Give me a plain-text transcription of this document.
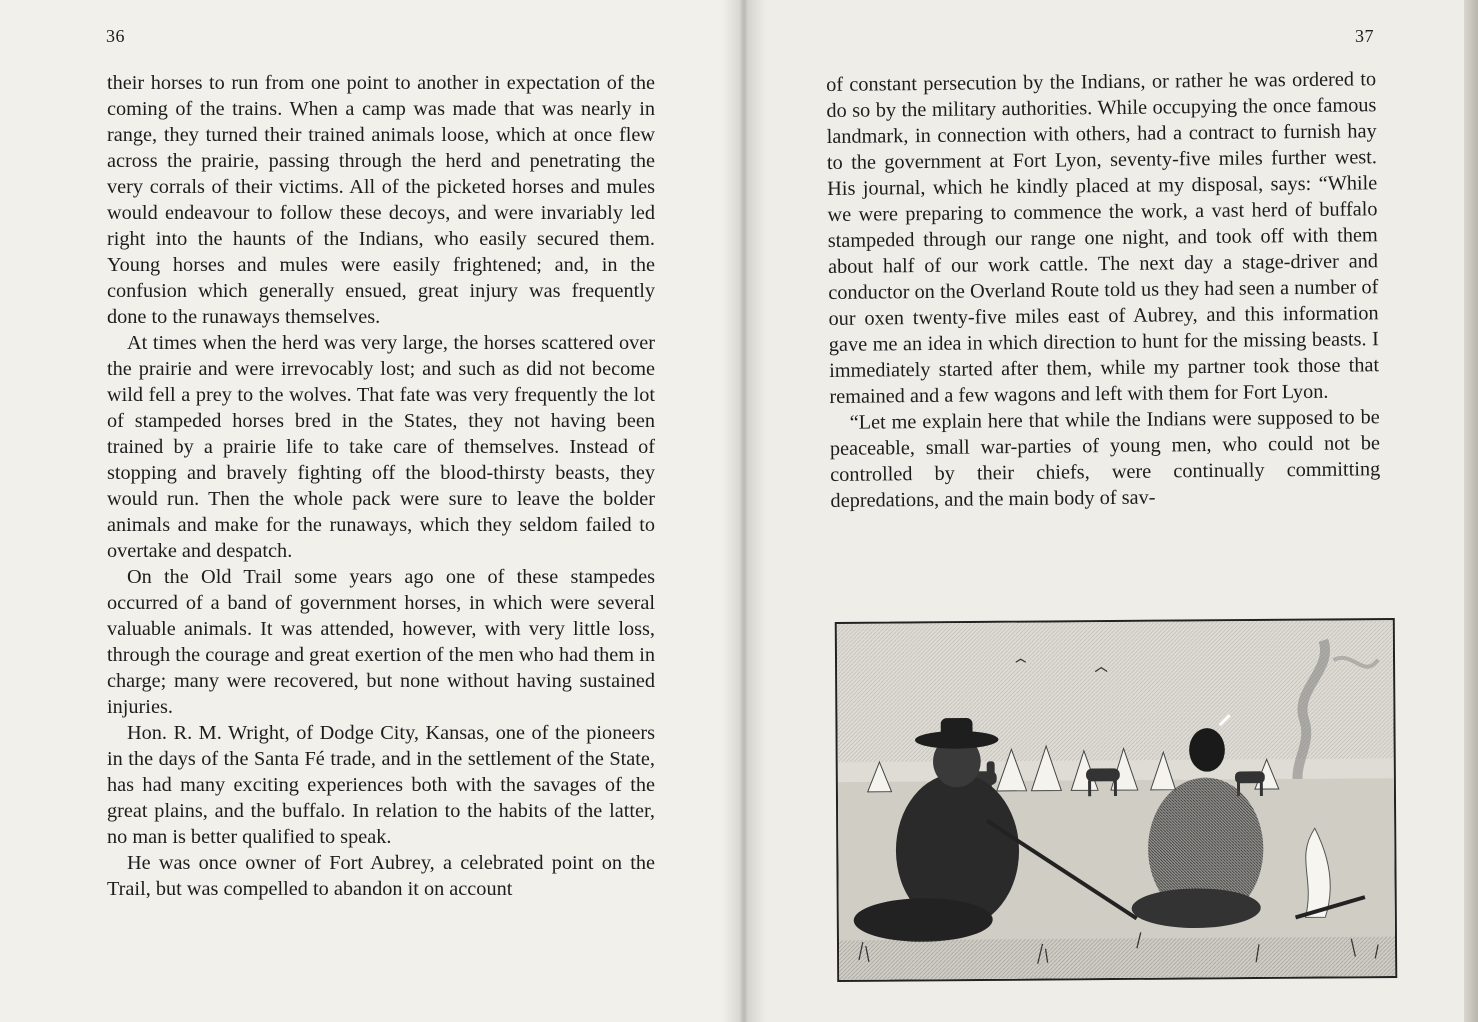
36

their horses to run from one point to another in expectation of the coming of the trains. When a camp was made that was nearly in range, they turned their trained animals loose, which at once flew across the prairie, passing through the herd and penetrating the very corrals of their victims. All of the picketed horses and mules would endeavour to follow these decoys, and were invariably led right into the haunts of the Indians, who easily secured them. Young horses and mules were easily frightened; and, in the confusion which generally ensued, great injury was frequently done to the runaways themselves.

At times when the herd was very large, the horses scattered over the prairie and were irrevocably lost; and such as did not become wild fell a prey to the wolves. That fate was very frequently the lot of stampeded horses bred in the States, they not having been trained by a prairie life to take care of themselves. Instead of stopping and bravely fighting off the blood-thirsty beasts, they would run. Then the whole pack were sure to leave the bolder animals and make for the runaways, which they seldom failed to overtake and despatch.

On the Old Trail some years ago one of these stampedes occurred of a band of government horses, in which were several valuable animals. It was attended, however, with very little loss, through the courage and great exertion of the men who had them in charge; many were recovered, but none without having sustained injuries.

Hon. R. M. Wright, of Dodge City, Kansas, one of the pioneers in the days of the Santa Fé trade, and in the settlement of the State, has had many exciting experiences both with the savages of the great plains, and the buffalo. In relation to the habits of the latter, no man is better qualified to speak.

He was once owner of Fort Aubrey, a celebrated point on the Trail, but was compelled to abandon it on account

37

of constant persecution by the Indians, or rather he was ordered to do so by the military authorities. While occupying the once famous landmark, in connection with others, had a contract to furnish hay to the government at Fort Lyon, seventy-five miles further west. His journal, which he kindly placed at my disposal, says: “While we were preparing to commence the work, a vast herd of buffalo stampeded through our range one night, and took off with them about half of our work cattle. The next day a stage-driver and conductor on the Overland Route told us they had seen a number of our oxen twenty-five miles east of Aubrey, and this information gave me an idea in which direction to hunt for the missing beasts. I immediately started after them, while my partner took those that remained and a few wagons and left with them for Fort Lyon.

“Let me explain here that while the Indians were supposed to be peaceable, small war-parties of young men, who could not be controlled by their chiefs, were continually committing depredations, and the main body of sav-
